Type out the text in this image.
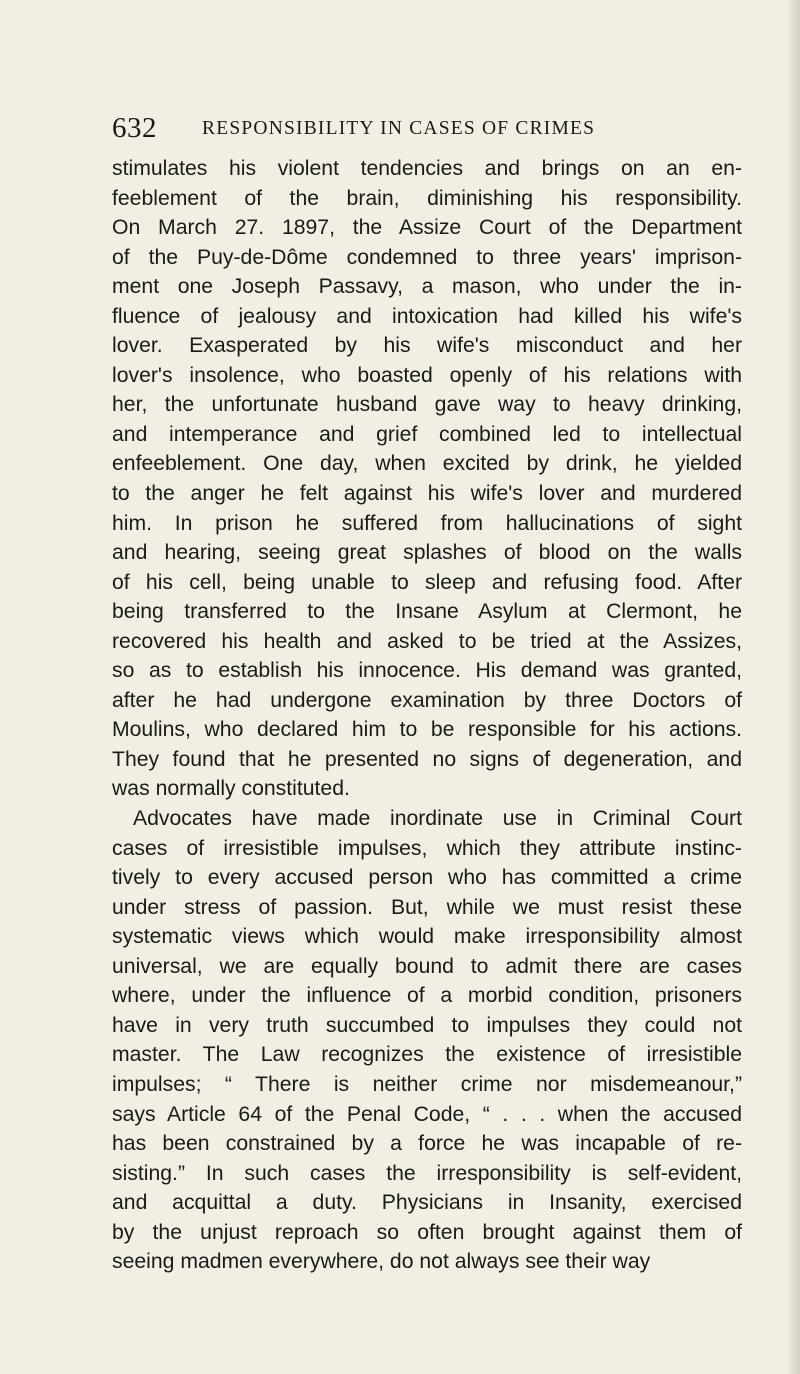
632 RESPONSIBILITY IN CASES OF CRIMES
stimulates his violent tendencies and brings on an en-
feeblement of the brain, diminishing his responsibility.
On March 27. 1897, the Assize Court of the Department
of the Puy-de-Dôme condemned to three years' imprison-
ment one Joseph Passavy, a mason, who under the in-
fluence of jealousy and intoxication had killed his wife's
lover. Exasperated by his wife's misconduct and her
lover's insolence, who boasted openly of his relations with
her, the unfortunate husband gave way to heavy drinking,
and intemperance and grief combined led to intellectual
enfeeblement. One day, when excited by drink, he yielded
to the anger he felt against his wife's lover and murdered
him. In prison he suffered from hallucinations of sight
and hearing, seeing great splashes of blood on the walls
of his cell, being unable to sleep and refusing food. After
being transferred to the Insane Asylum at Clermont, he
recovered his health and asked to be tried at the Assizes,
so as to establish his innocence. His demand was granted,
after he had undergone examination by three Doctors of
Moulins, who declared him to be responsible for his actions.
They found that he presented no signs of degeneration, and
was normally constituted.
Advocates have made inordinate use in Criminal Court
cases of irresistible impulses, which they attribute instinc-
tively to every accused person who has committed a crime
under stress of passion. But, while we must resist these
systematic views which would make irresponsibility almost
universal, we are equally bound to admit there are cases
where, under the influence of a morbid condition, prisoners
have in very truth succumbed to impulses they could not
master. The Law recognizes the existence of irresistible
impulses; “ There is neither crime nor misdemeanour,”
says Article 64 of the Penal Code, “ . . . when the accused
has been constrained by a force he was incapable of re-
sisting.” In such cases the irresponsibility is self-evident,
and acquittal a duty. Physicians in Insanity, exercised
by the unjust reproach so often brought against them of
seeing madmen everywhere, do not always see their way
